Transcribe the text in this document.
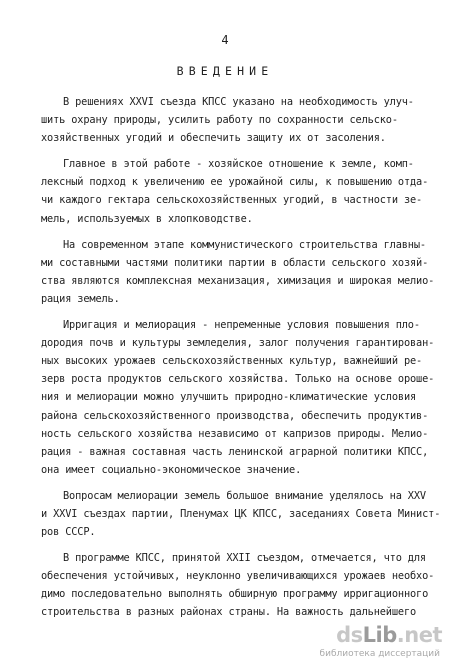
4
ВВЕДЕНИЕ
В решениях XXVI съезда КПСС указано на необходимость улуч-
шить охрану природы, усилить работу по сохранности сельско-
хозяйственных угодий и обеспечить защиту их от засоления.
Главное в этой работе - хозяйское отношение к земле, комп-
лексный подход к увеличению ее урожайной силы, к повышению отда-
чи каждого гектара сельскохозяйственных угодий, в частности зе-
мель, используемых в хлопководстве.
На современном этапе коммунистического строительства главны-
ми составными частями политики партии в области сельского хозяй-
ства являются комплексная механизация, химизация и широкая мелио-
рация земель.
Ирригация и мелиорация - непременные условия повышения пло-
дородия почв и культуры земледелия, залог получения гарантирован-
ных высоких урожаев сельскохозяйственных культур, важнейший ре-
зерв роста продуктов сельского хозяйства. Только на основе ороше-
ния и мелиорации можно улучшить природно-климатические условия
района сельскохозяйственного производства, обеспечить продуктив-
ность сельского хозяйства независимо от капризов природы. Мелио-
рация - важная составная часть ленинской аграрной политики КПСС,
она имеет социально-экономическое значение.
Вопросам мелиорации земель большое внимание уделялось на XXV
и XXVI съездах партии, Пленумах ЦК КПСС, заседаниях Совета Минист-
ров СССР.
В программе КПСС, принятой XXII съездом, отмечается, что для
обеспечения устойчивых, неуклонно увеличивающихся урожаев необхо-
димо последовательно выполнять обширную программу ирригационного
строительства в разных районах страны. На важность дальнейшего
dsLib.net
библиотека диссертаций
